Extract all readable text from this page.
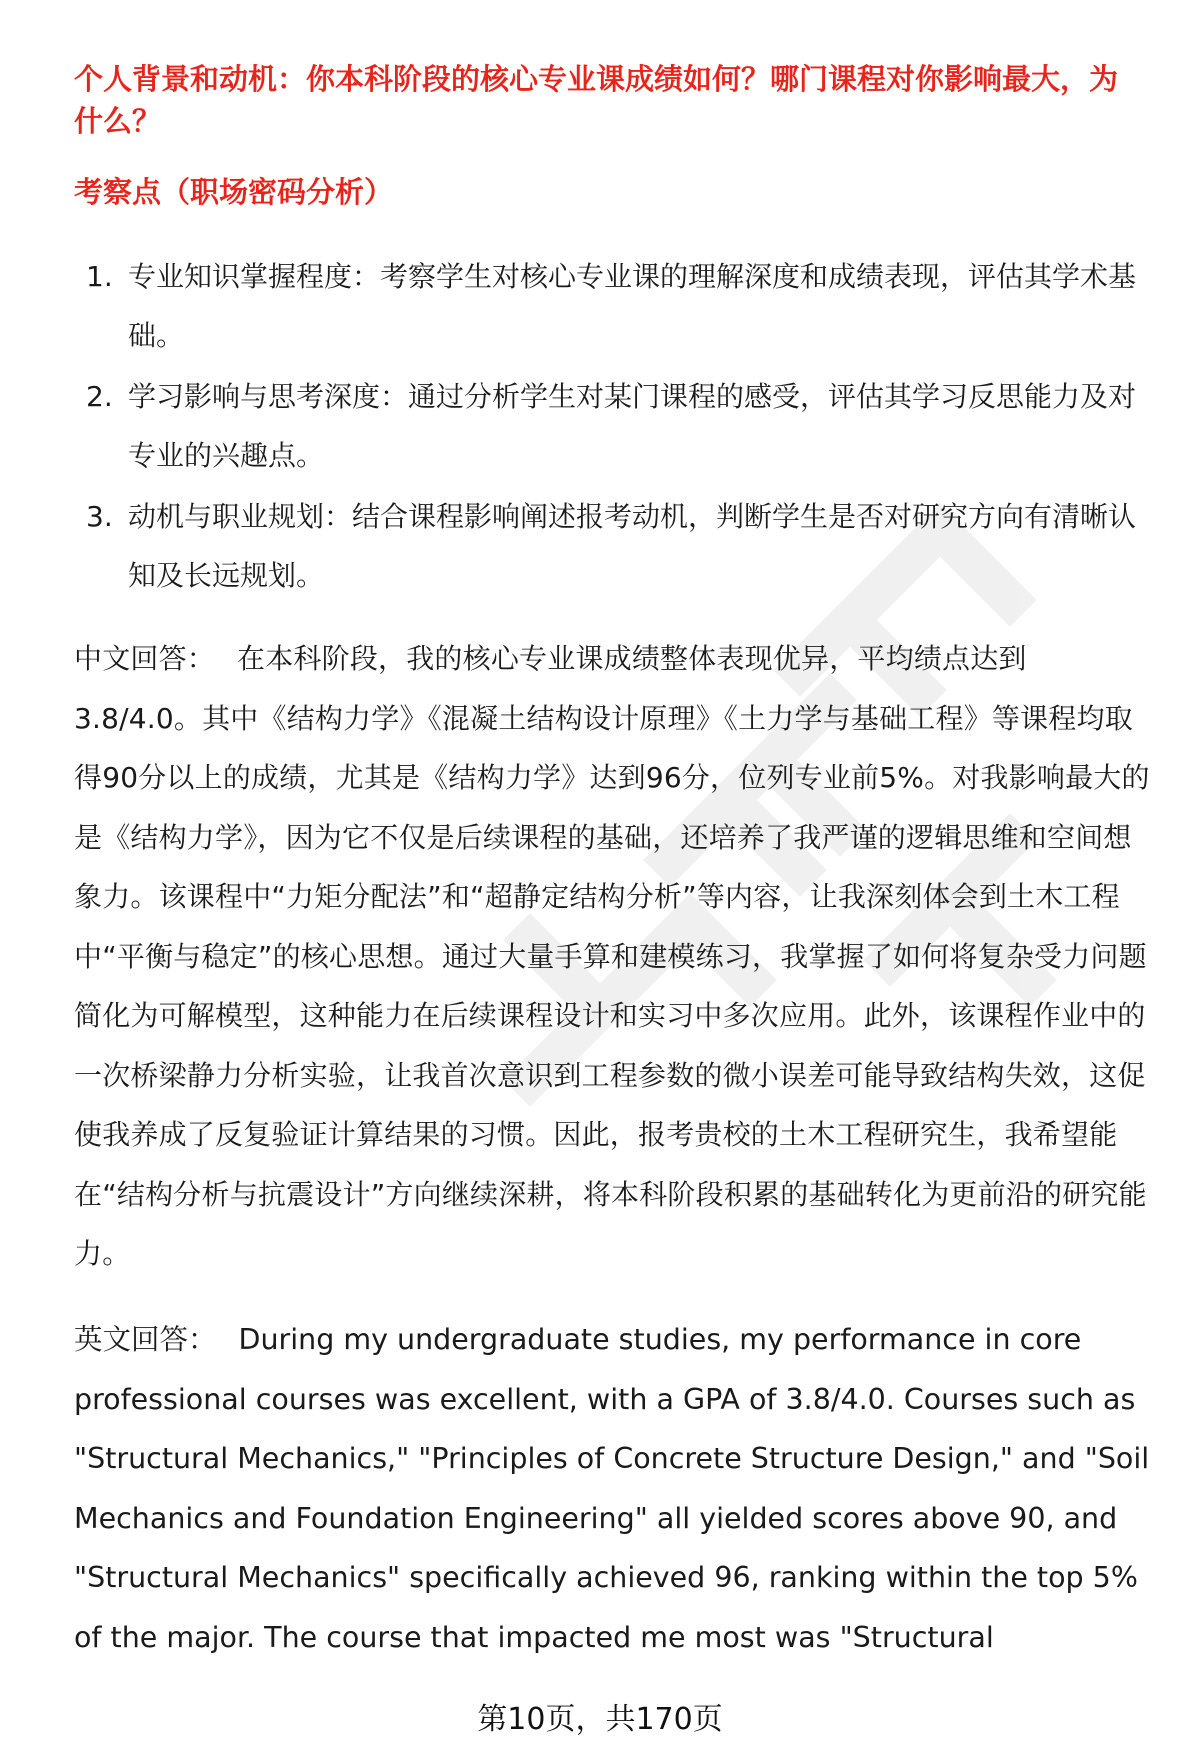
个人背景和动机：你本科阶段的核心专业课成绩如何？哪门课程对你影响最大，为什么？
考察点（职场密码分析）
1. 专业知识掌握程度：考察学生对核心专业课的理解深度和成绩表现，评估其学术基础。
2. 学习影响与思考深度：通过分析学生对某门课程的感受，评估其学习反思能力及对专业的兴趣点。
3. 动机与职业规划：结合课程影响阐述报考动机，判断学生是否对研究方向有清晰认知及长远规划。

中文回答： 在本科阶段，我的核心专业课成绩整体表现优异，平均绩点达到3.8/4.0。其中《结构力学》《混凝土结构设计原理》《土力学与基础工程》等课程均取得90分以上的成绩，尤其是《结构力学》达到96分，位列专业前5%。对我影响最大的是《结构力学》，因为它不仅是后续课程的基础，还培养了我严谨的逻辑思维和空间想象力。该课程中“力矩分配法”和“超静定结构分析”等内容，让我深刻体会到土木工程中“平衡与稳定”的核心思想。通过大量手算和建模练习，我掌握了如何将复杂受力问题简化为可解模型，这种能力在后续课程设计和实习中多次应用。此外，该课程作业中的一次桥梁静力分析实验，让我首次意识到工程参数的微小误差可能导致结构失效，这促使我养成了反复验证计算结果的习惯。因此，报考贵校的土木工程研究生，我希望能在“结构分析与抗震设计”方向继续深耕，将本科阶段积累的基础转化为更前沿的研究能力。

英文回答： During my undergraduate studies, my performance in core professional courses was excellent, with a GPA of 3.8/4.0. Courses such as "Structural Mechanics," "Principles of Concrete Structure Design," and "Soil Mechanics and Foundation Engineering" all yielded scores above 90, and "Structural Mechanics" specifically achieved 96, ranking within the top 5% of the major. The course that impacted me most was "Structural

第10页，共170页
